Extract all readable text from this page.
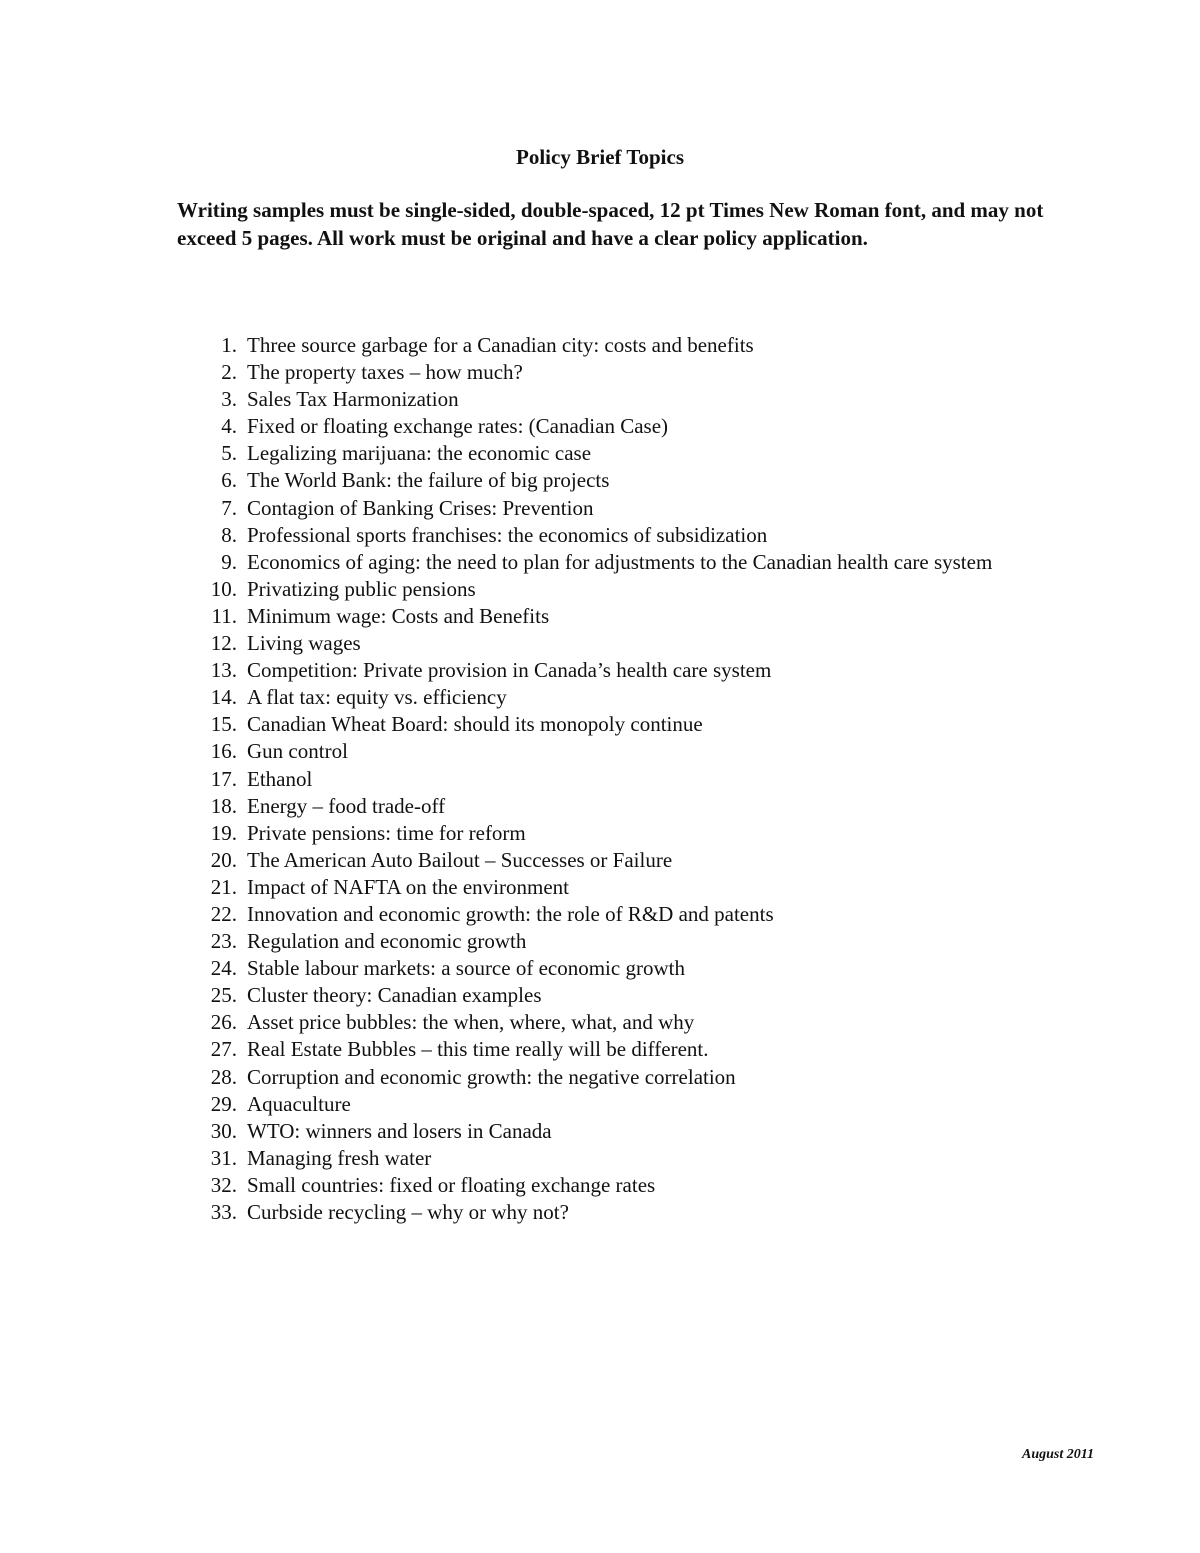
Policy Brief Topics

Writing samples must be single-sided, double-spaced, 12 pt Times New Roman font, and may not exceed 5 pages. All work must be original and have a clear policy application.

1. Three source garbage for a Canadian city: costs and benefits
2. The property taxes – how much?
3. Sales Tax Harmonization
4. Fixed or floating exchange rates: (Canadian Case)
5. Legalizing marijuana: the economic case
6. The World Bank: the failure of big projects
7. Contagion of Banking Crises: Prevention
8. Professional sports franchises: the economics of subsidization
9. Economics of aging: the need to plan for adjustments to the Canadian health care system
10. Privatizing public pensions
11. Minimum wage: Costs and Benefits
12. Living wages
13. Competition: Private provision in Canada’s health care system
14. A flat tax: equity vs. efficiency
15. Canadian Wheat Board: should its monopoly continue
16. Gun control
17. Ethanol
18. Energy – food trade-off
19. Private pensions: time for reform
20. The American Auto Bailout – Successes or Failure
21. Impact of NAFTA on the environment
22. Innovation and economic growth: the role of R&D and patents
23. Regulation and economic growth
24. Stable labour markets: a source of economic growth
25. Cluster theory: Canadian examples
26. Asset price bubbles: the when, where, what, and why
27. Real Estate Bubbles – this time really will be different.
28. Corruption and economic growth: the negative correlation
29. Aquaculture
30. WTO: winners and losers in Canada
31. Managing fresh water
32. Small countries: fixed or floating exchange rates
33. Curbside recycling – why or why not?
August 2011
